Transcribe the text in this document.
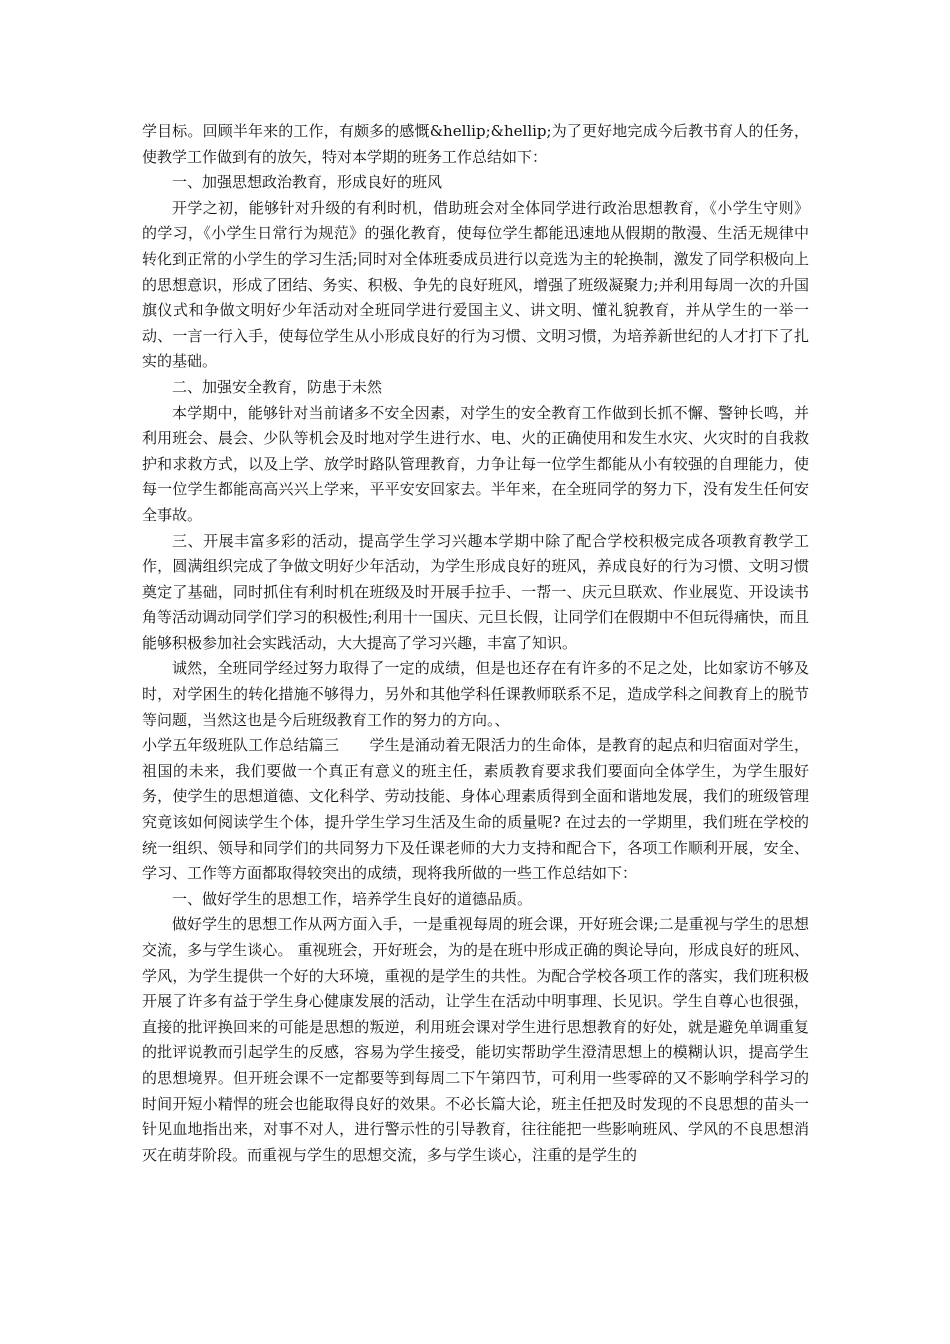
学目标。回顾半年来的工作，有颇多的感慨&hellip;&hellip;为了更好地完成今后教书育人的任务，使教学工作做到有的放矢，特对本学期的班务工作总结如下：

一、加强思想政治教育，形成良好的班风

开学之初，能够针对升级的有利时机，借助班会对全体同学进行政治思想教育，《小学生守则》的学习，《小学生日常行为规范》的强化教育，使每位学生都能迅速地从假期的散漫、生活无规律中转化到正常的小学生的学习生活;同时对全体班委成员进行以竞选为主的轮换制，激发了同学积极向上的思想意识，形成了团结、务实、积极、争先的良好班风，增强了班级凝聚力;并利用每周一次的升国旗仪式和争做文明好少年活动对全班同学进行爱国主义、讲文明、懂礼貌教育，并从学生的一举一动、一言一行入手，使每位学生从小形成良好的行为习惯、文明习惯，为培养新世纪的人才打下了扎实的基础。

二、加强安全教育，防患于未然

本学期中，能够针对当前诸多不安全因素，对学生的安全教育工作做到长抓不懈、警钟长鸣，并利用班会、晨会、少队等机会及时地对学生进行水、电、火的正确使用和发生水灾、火灾时的自我救护和求救方式，以及上学、放学时路队管理教育，力争让每一位学生都能从小有较强的自理能力，使每一位学生都能高高兴兴上学来，平平安安回家去。半年来，在全班同学的努力下，没有发生任何安全事故。

三、开展丰富多彩的活动，提高学生学习兴趣本学期中除了配合学校积极完成各项教育教学工作，圆满组织完成了争做文明好少年活动，为学生形成良好的班风，养成良好的行为习惯、文明习惯奠定了基础，同时抓住有利时机在班级及时开展手拉手、一帮一、庆元旦联欢、作业展览、开设读书角等活动调动同学们学习的积极性;利用十一国庆、元旦长假，让同学们在假期中不但玩得痛快，而且能够积极参加社会实践活动，大大提高了学习兴趣，丰富了知识。

诚然，全班同学经过努力取得了一定的成绩，但是也还存在有许多的不足之处，比如家访不够及时，对学困生的转化措施不够得力，另外和其他学科任课教师联系不足，造成学科之间教育上的脱节等问题，当然这也是今后班级教育工作的努力的方向。、

小学五年级班队工作总结篇三　　学生是涌动着无限活力的生命体，是教育的起点和归宿面对学生，祖国的未来，我们要做一个真正有意义的班主任，素质教育要求我们要面向全体学生，为学生服好务，使学生的思想道德、文化科学、劳动技能、身体心理素质得到全面和谐地发展，我们的班级管理究竟该如何阅读学生个体，提升学生学习生活及生命的质量呢? 在过去的一学期里，我们班在学校的统一组织、领导和同学们的共同努力下及任课老师的大力支持和配合下，各项工作顺利开展，安全、学习、工作等方面都取得较突出的成绩，现将我所做的一些工作总结如下：

一、做好学生的思想工作，培养学生良好的道德品质。

做好学生的思想工作从两方面入手，一是重视每周的班会课，开好班会课;二是重视与学生的思想交流，多与学生谈心。 重视班会，开好班会，为的是在班中形成正确的舆论导向，形成良好的班风、学风，为学生提供一个好的大环境，重视的是学生的共性。为配合学校各项工作的落实，我们班积极开展了许多有益于学生身心健康发展的活动，让学生在活动中明事理、长见识。学生自尊心也很强，直接的批评换回来的可能是思想的叛逆，利用班会课对学生进行思想教育的好处，就是避免单调重复的批评说教而引起学生的反感，容易为学生接受，能切实帮助学生澄清思想上的模糊认识，提高学生的思想境界。但开班会课不一定都要等到每周二下午第四节，可利用一些零碎的又不影响学科学习的时间开短小精悍的班会也能取得良好的效果。不必长篇大论，班主任把及时发现的不良思想的苗头一针见血地指出来，对事不对人，进行警示性的引导教育，往往能把一些影响班风、学风的不良思想消灭在萌芽阶段。而重视与学生的思想交流，多与学生谈心，注重的是学生的
